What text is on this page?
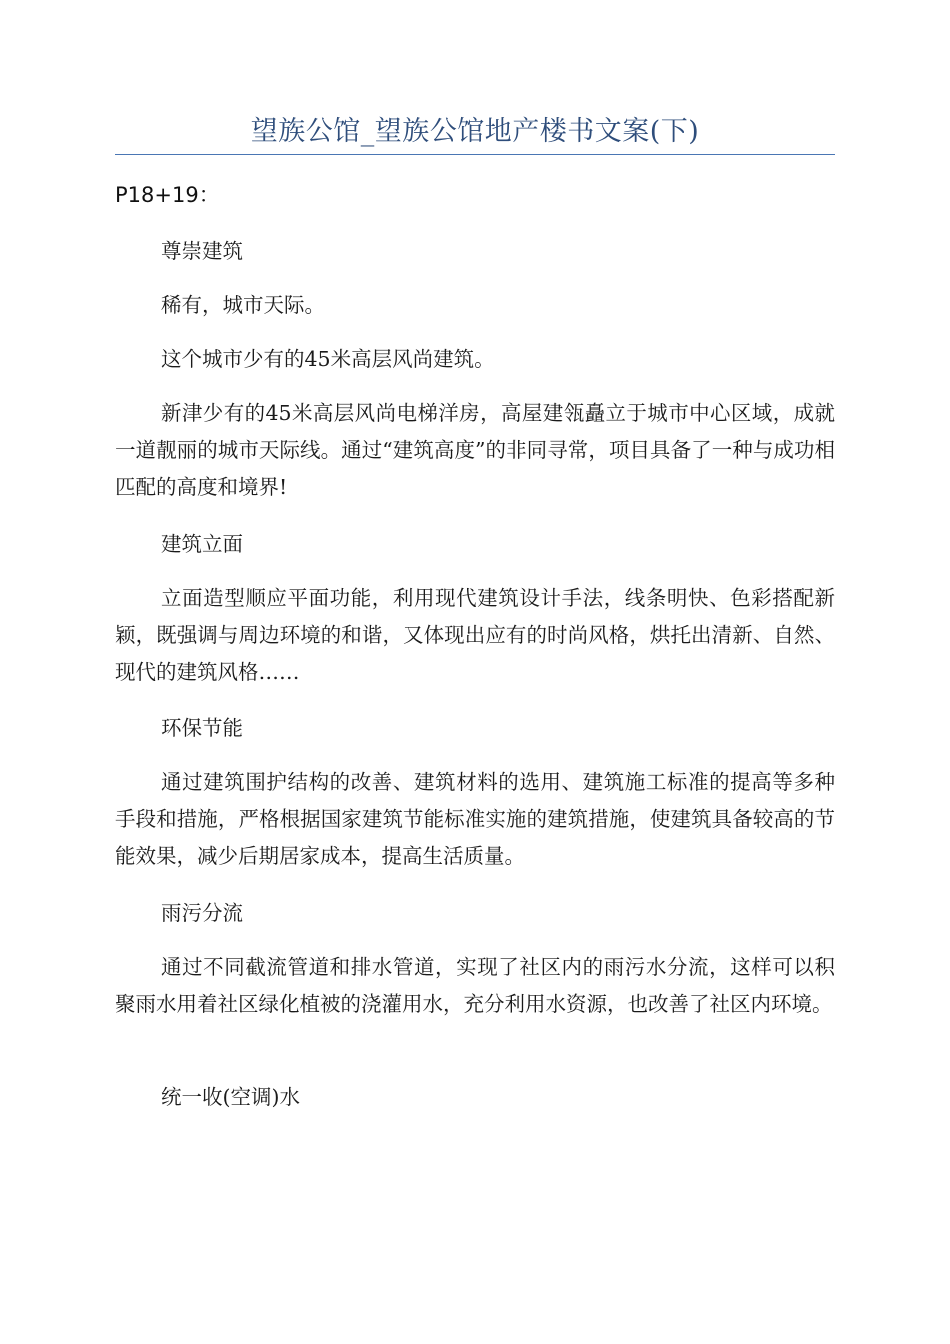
望族公馆_望族公馆地产楼书文案(下)
P18+19：
尊崇建筑
稀有，城市天际。
这个城市少有的45米高层风尚建筑。
新津少有的45米高层风尚电梯洋房，高屋建瓴矗立于城市中心区域，成就一道靓丽的城市天际线。通过“建筑高度”的非同寻常，项目具备了一种与成功相匹配的高度和境界!
建筑立面
立面造型顺应平面功能，利用现代建筑设计手法，线条明快、色彩搭配新颖，既强调与周边环境的和谐，又体现出应有的时尚风格，烘托出清新、自然、现代的建筑风格……
环保节能
通过建筑围护结构的改善、建筑材料的选用、建筑施工标准的提高等多种手段和措施，严格根据国家建筑节能标准实施的建筑措施，使建筑具备较高的节能效果，减少后期居家成本，提高生活质量。
雨污分流
通过不同截流管道和排水管道，实现了社区内的雨污水分流，这样可以积聚雨水用着社区绿化植被的浇灌用水，充分利用水资源，也改善了社区内环境。
统一收(空调)水
